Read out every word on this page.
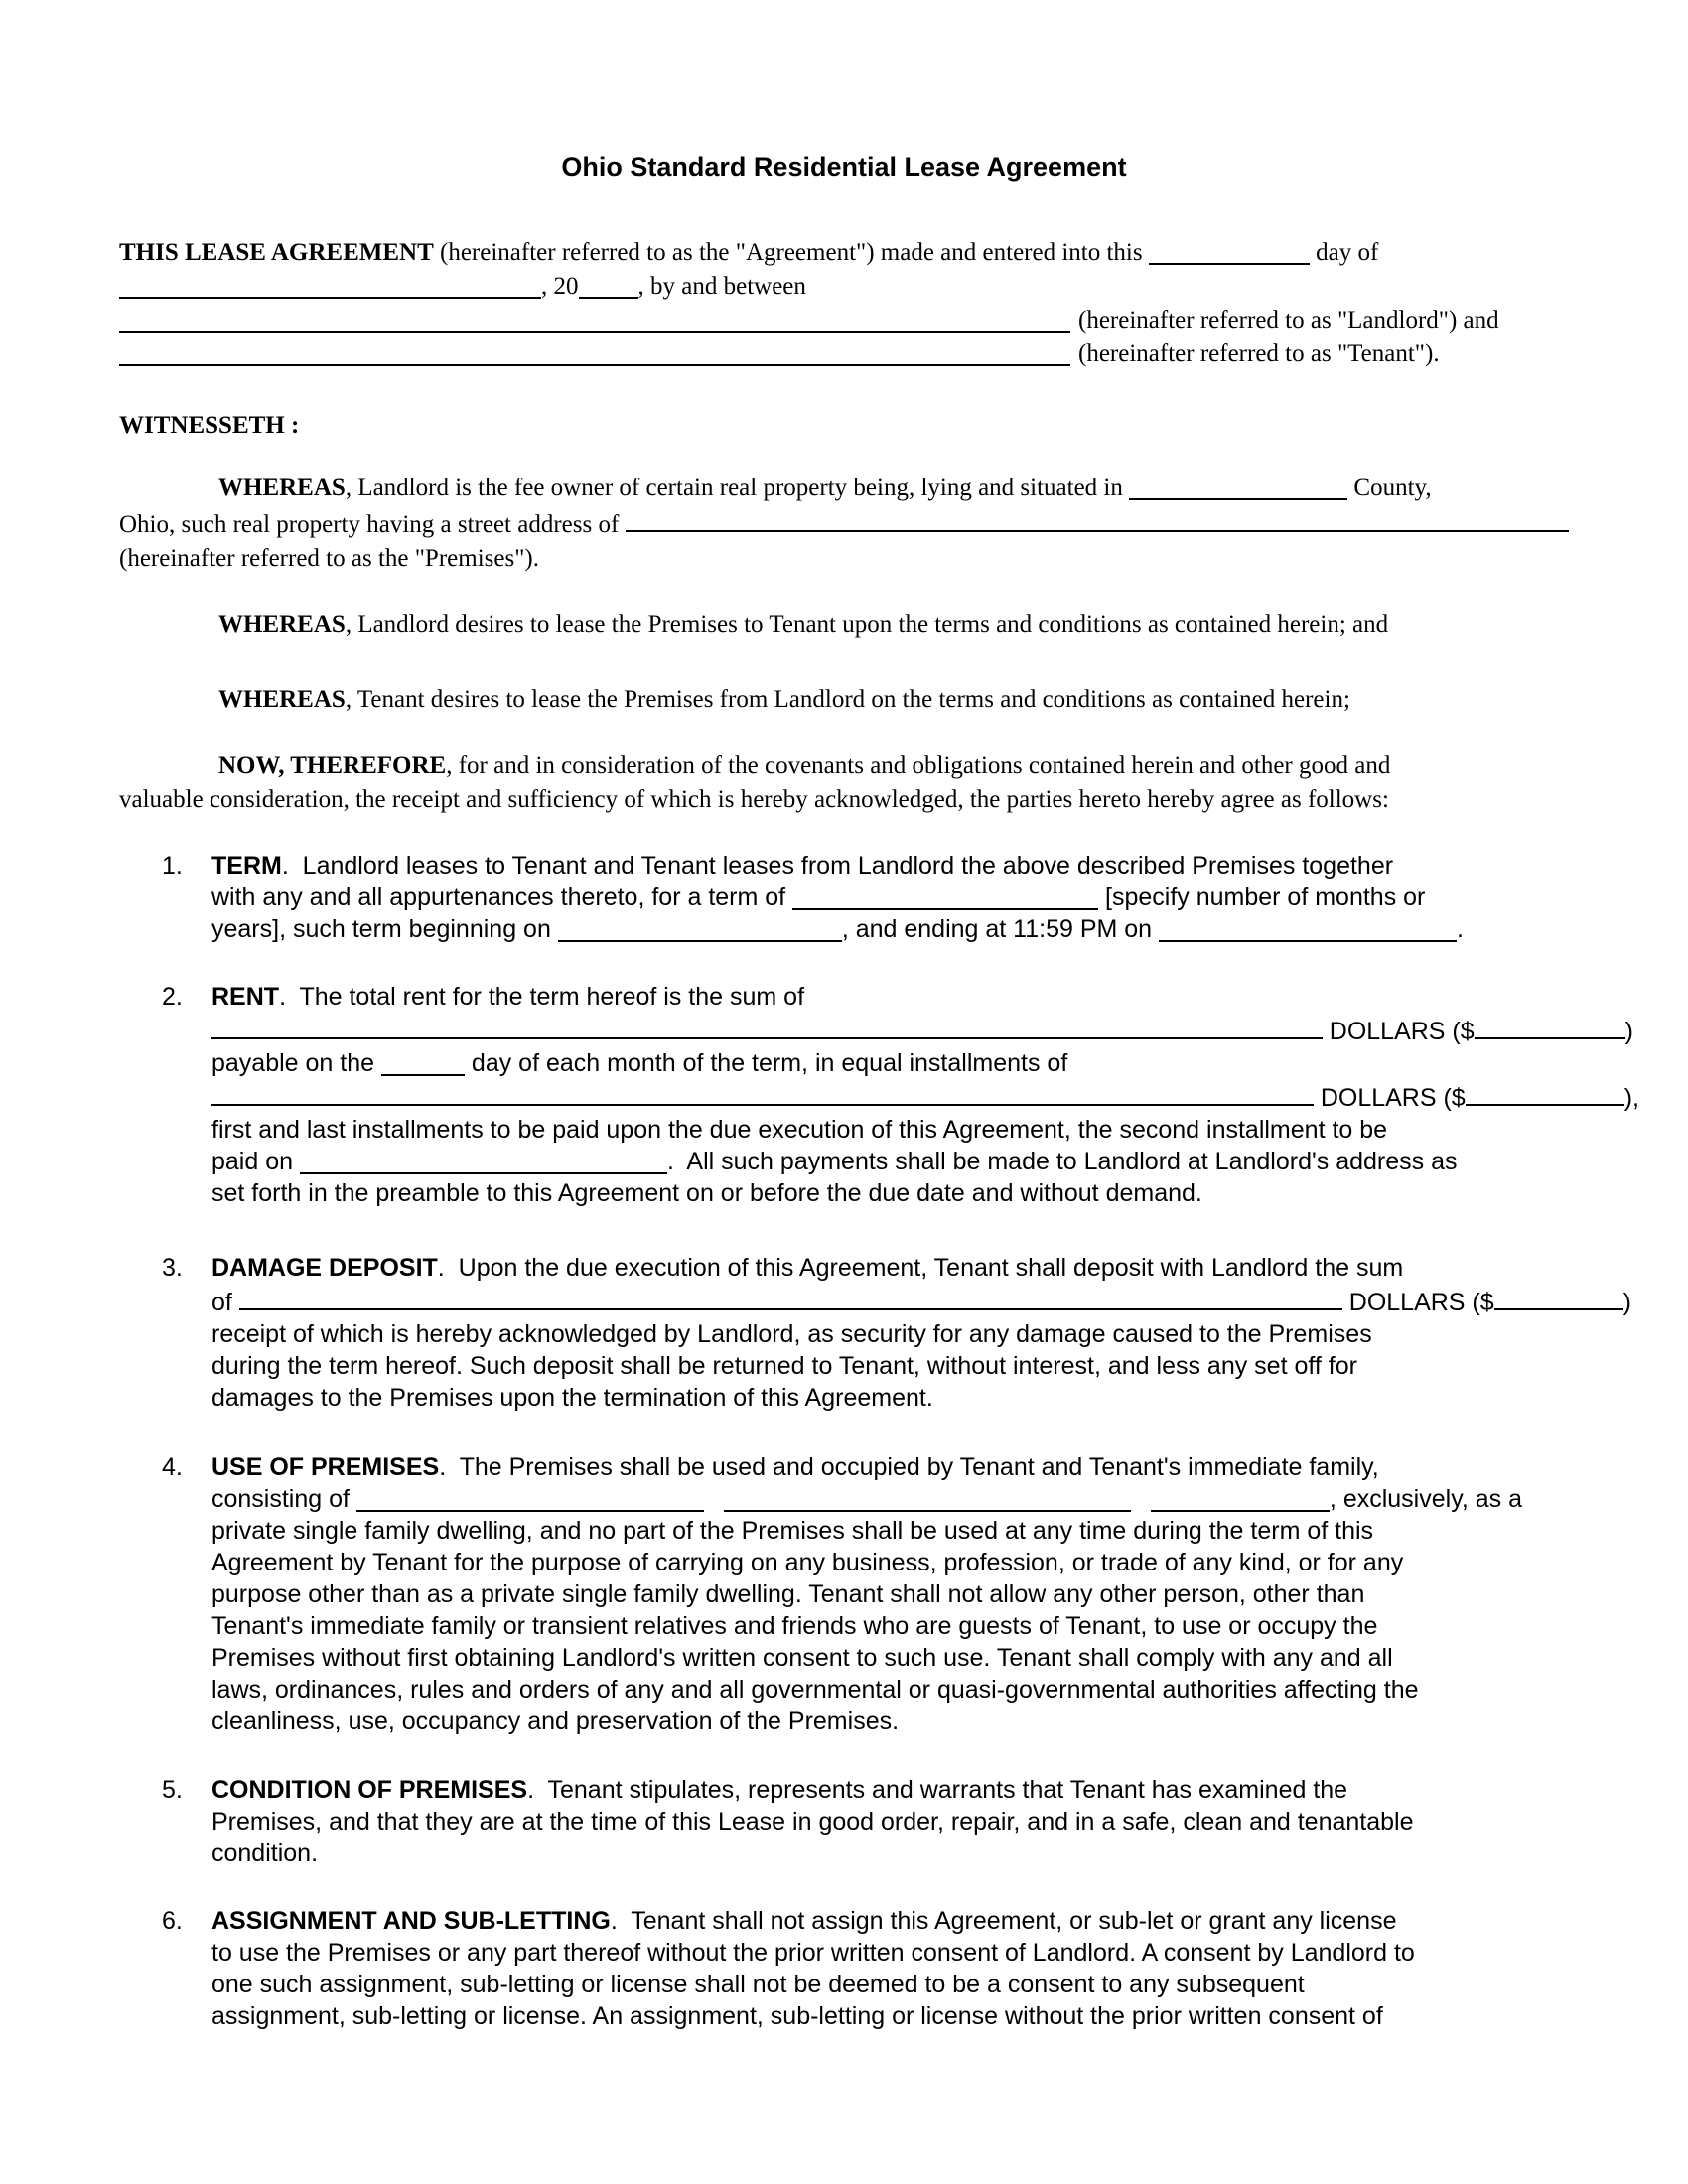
Ohio Standard Residential Lease Agreement
THIS LEASE AGREEMENT (hereinafter referred to as the "Agreement") made and entered into this	day of
, 20 , by and between
(hereinafter referred to as "Landlord") and
(hereinafter referred to as "Tenant").
WITNESSETH :
WHEREAS, Landlord is the fee owner of certain real property being, lying and situated in	County,
Ohio, such real property having a street address of
(hereinafter referred to as the "Premises").
WHEREAS, Landlord desires to lease the Premises to Tenant upon the terms and conditions as contained herein; and
WHEREAS, Tenant desires to lease the Premises from Landlord on the terms and conditions as contained herein;
NOW, THEREFORE, for and in consideration of the covenants and obligations contained herein and other good and
valuable consideration, the receipt and sufficiency of which is hereby acknowledged, the parties hereto hereby agree as follows:
1. TERM.  Landlord leases to Tenant and Tenant leases from Landlord the above described Premises together
with any and all appurtenances thereto, for a term of	[specify number of months or
years], such term beginning on	, and ending at 11:59 PM on	.
2. RENT.  The total rent for the term hereof is the sum of
DOLLARS ($	)
payable on the	day of each month of the term, in equal installments of
DOLLARS ($	),
first and last installments to be paid upon the due execution of this Agreement, the second installment to be
paid on	.  All such payments shall be made to Landlord at Landlord's address as
set forth in the preamble to this Agreement on or before the due date and without demand.
3. DAMAGE DEPOSIT.  Upon the due execution of this Agreement, Tenant shall deposit with Landlord the sum
of	DOLLARS ($	)
receipt of which is hereby acknowledged by Landlord, as security for any damage caused to the Premises
during the term hereof. Such deposit shall be returned to Tenant, without interest, and less any set off for
damages to the Premises upon the termination of this Agreement.
4. USE OF PREMISES.  The Premises shall be used and occupied by Tenant and Tenant's immediate family,
consisting of	, exclusively, as a
private single family dwelling, and no part of the Premises shall be used at any time during the term of this
Agreement by Tenant for the purpose of carrying on any business, profession, or trade of any kind, or for any
purpose other than as a private single family dwelling. Tenant shall not allow any other person, other than
Tenant's immediate family or transient relatives and friends who are guests of Tenant, to use or occupy the
Premises without first obtaining Landlord's written consent to such use. Tenant shall comply with any and all
laws, ordinances, rules and orders of any and all governmental or quasi-governmental authorities affecting the
cleanliness, use, occupancy and preservation of the Premises.
5. CONDITION OF PREMISES.  Tenant stipulates, represents and warrants that Tenant has examined the
Premises, and that they are at the time of this Lease in good order, repair, and in a safe, clean and tenantable
condition.
6. ASSIGNMENT AND SUB-LETTING.  Tenant shall not assign this Agreement, or sub-let or grant any license
to use the Premises or any part thereof without the prior written consent of Landlord. A consent by Landlord to
one such assignment, sub-letting or license shall not be deemed to be a consent to any subsequent
assignment, sub-letting or license. An assignment, sub-letting or license without the prior written consent of
